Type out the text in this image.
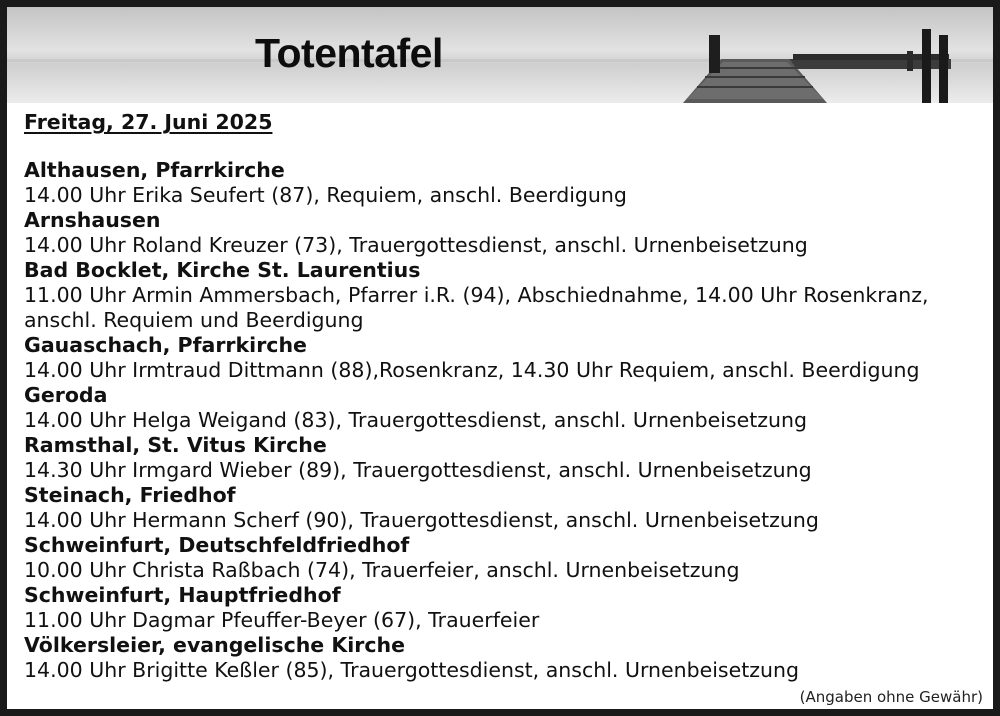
Totentafel
Freitag, 27. Juni 2025
Althausen, Pfarrkirche
14.00 Uhr Erika Seufert (87), Requiem, anschl. Beerdigung
Arnshausen
14.00 Uhr Roland Kreuzer (73), Trauergottesdienst, anschl. Urnenbeisetzung
Bad Bocklet, Kirche St. Laurentius
11.00 Uhr Armin Ammersbach, Pfarrer i.R. (94), Abschiednahme, 14.00 Uhr Rosenkranz,
anschl. Requiem und Beerdigung
Gauaschach, Pfarrkirche
14.00 Uhr Irmtraud Dittmann (88),Rosenkranz, 14.30 Uhr Requiem, anschl. Beerdigung
Geroda
14.00 Uhr Helga Weigand (83), Trauergottesdienst, anschl. Urnenbeisetzung
Ramsthal, St. Vitus Kirche
14.30 Uhr Irmgard Wieber (89), Trauergottesdienst, anschl. Urnenbeisetzung
Steinach, Friedhof
14.00 Uhr Hermann Scherf (90), Trauergottesdienst, anschl. Urnenbeisetzung
Schweinfurt, Deutschfeldfriedhof
10.00 Uhr Christa Raßbach (74), Trauerfeier, anschl. Urnenbeisetzung
Schweinfurt, Hauptfriedhof
11.00 Uhr Dagmar Pfeuffer-Beyer (67), Trauerfeier
Völkersleier, evangelische Kirche
14.00 Uhr Brigitte Keßler (85), Trauergottesdienst, anschl. Urnenbeisetzung
(Angaben ohne Gewähr)
